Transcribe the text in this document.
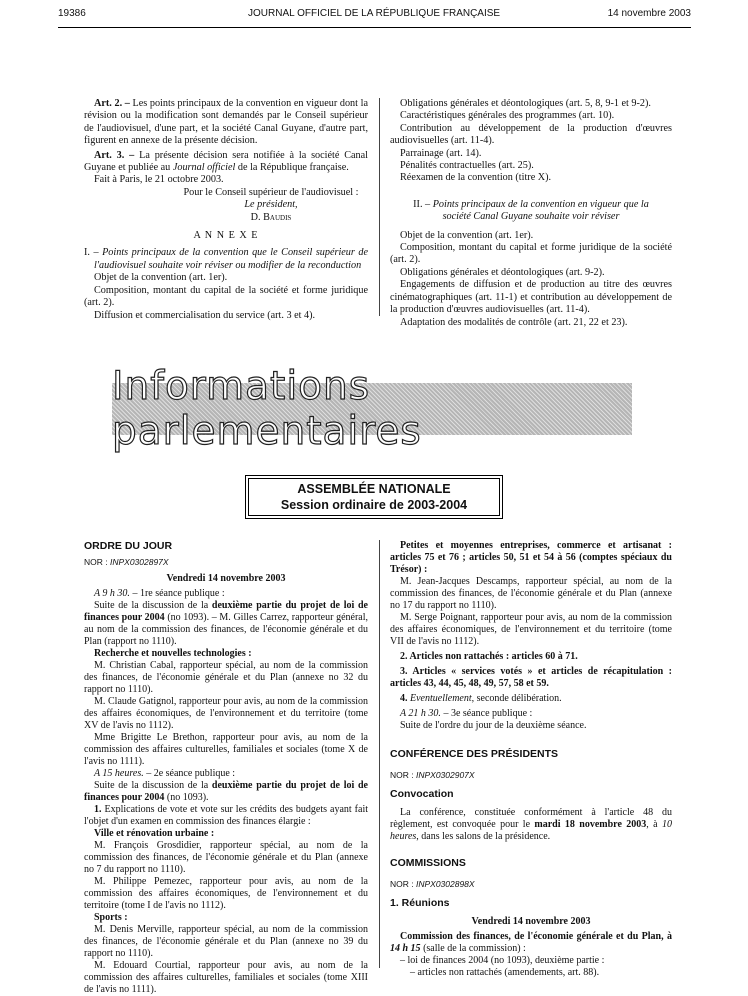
19386	JOURNAL OFFICIEL DE LA RÉPUBLIQUE FRANÇAISE	14 novembre 2003

Art. 2. – Les points principaux de la convention en vigueur dont la révision ou la modification sont demandés par le Conseil supérieur de l'audiovisuel, d'une part, et la société Canal Guyane, d'autre part, figurent en annexe de la présente décision.

Art. 3. – La présente décision sera notifiée à la société Canal Guyane et publiée au Journal officiel de la République française.

Fait à Paris, le 21 octobre 2003.

Pour le Conseil supérieur de l'audiovisuel :

Le président,

D. Baudis

A N N E X E

I. – Points principaux de la convention que le Conseil supérieur de l'audiovisuel souhaite voir réviser ou modifier de la reconduction

Objet de la convention (art. 1er).

Composition, montant du capital de la société et forme juridique (art. 2).

Diffusion et commercialisation du service (art. 3 et 4).

Obligations générales et déontologiques (art. 5, 8, 9-1 et 9-2).

Caractéristiques générales des programmes (art. 10).

Contribution au développement de la production d'œuvres audiovisuelles (art. 11-4).

Parrainage (art. 14).

Pénalités contractuelles (art. 25).

Réexamen de la convention (titre X).

II. – Points principaux de la convention en vigueur que la société Canal Guyane souhaite voir réviser

Objet de la convention (art. 1er).

Composition, montant du capital et forme juridique de la société (art. 2).

Obligations générales et déontologiques (art. 9-2).

Engagements de diffusion et de production au titre des œuvres cinématographiques (art. 11-1) et contribution au développement de la production d'œuvres audiovisuelles (art. 11-4).

Adaptation des modalités de contrôle (art. 21, 22 et 23).

Informations parlementaires
ASSEMBLÉE NATIONALE
Session ordinaire de 2003-2004

ORDRE DU JOUR

NOR : INPX0302897X

Vendredi 14 novembre 2003

A 9 h 30. – 1re séance publique :

Suite de la discussion de la deuxième partie du projet de loi de finances pour 2004 (no 1093). – M. Gilles Carrez, rapporteur général, au nom de la commission des finances, de l'économie générale et du Plan (rapport no 1110).

Recherche et nouvelles technologies :

M. Christian Cabal, rapporteur spécial, au nom de la commission des finances, de l'économie générale et du Plan (annexe no 32 du rapport no 1110).

M. Claude Gatignol, rapporteur pour avis, au nom de la commission des affaires économiques, de l'environnement et du territoire (tome XV de l'avis no 1112).

Mme Brigitte Le Brethon, rapporteur pour avis, au nom de la commission des affaires culturelles, familiales et sociales (tome X de l'avis no 1111).

A 15 heures. – 2e séance publique :

Suite de la discussion de la deuxième partie du projet de loi de finances pour 2004 (no 1093).

1. Explications de vote et vote sur les crédits des budgets ayant fait l'objet d'un examen en commission des finances élargie :

Ville et rénovation urbaine :

M. François Grosdidier, rapporteur spécial, au nom de la commission des finances, de l'économie générale et du Plan (annexe no 7 du rapport no 1110).

M. Philippe Pemezec, rapporteur pour avis, au nom de la commission des affaires économiques, de l'environnement et du territoire (tome I de l'avis no 1112).

Sports :

M. Denis Merville, rapporteur spécial, au nom de la commission des finances, de l'économie générale et du Plan (annexe no 39 du rapport no 1110).

M. Edouard Courtial, rapporteur pour avis, au nom de la commission des affaires culturelles, familiales et sociales (tome XIII de l'avis no 1111).

Petites et moyennes entreprises, commerce et artisanat : articles 75 et 76 ; articles 50, 51 et 54 à 56 (comptes spéciaux du Trésor) :

M. Jean-Jacques Descamps, rapporteur spécial, au nom de la commission des finances, de l'économie générale et du Plan (annexe no 17 du rapport no 1110).

M. Serge Poignant, rapporteur pour avis, au nom de la commission des affaires économiques, de l'environnement et du territoire (tome VII de l'avis no 1112).

2. Articles non rattachés : articles 60 à 71.

3. Articles « services votés » et articles de récapitulation : articles 43, 44, 45, 48, 49, 57, 58 et 59.

4. Eventuellement, seconde délibération.

A 21 h 30. – 3e séance publique :

Suite de l'ordre du jour de la deuxième séance.

CONFÉRENCE DES PRÉSIDENTS

NOR : INPX0302907X

Convocation

La conférence, constituée conformément à l'article 48 du règlement, est convoquée pour le mardi 18 novembre 2003, à 10 heures, dans les salons de la présidence.

COMMISSIONS

NOR : INPX0302898X

1. Réunions

Vendredi 14 novembre 2003

Commission des finances, de l'économie générale et du Plan, à 14 h 15 (salle de la commission) :

– loi de finances 2004 (no 1093), deuxième partie :

– articles non rattachés (amendements, art. 88).
